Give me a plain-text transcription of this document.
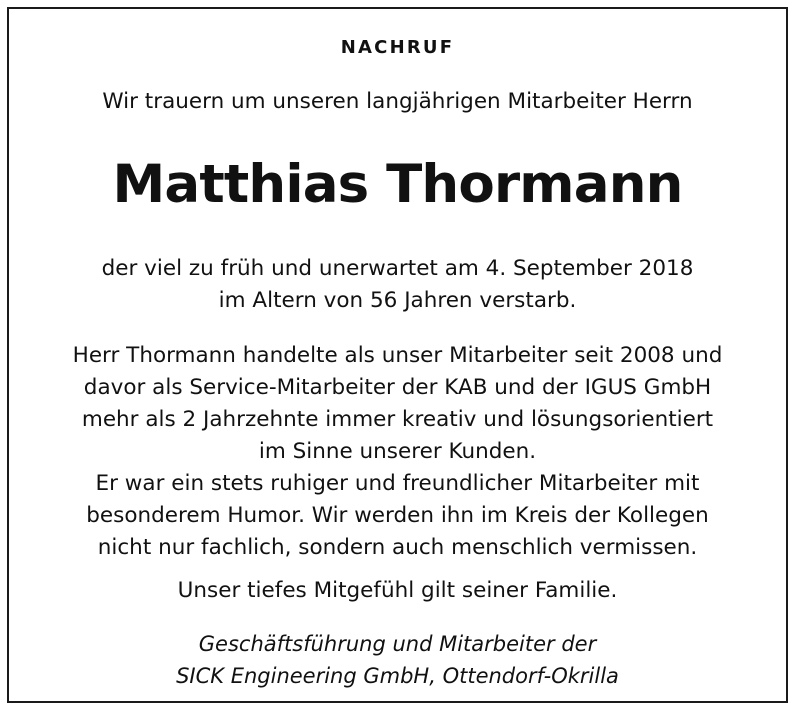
NACHRUF
Wir trauern um unseren langjährigen Mitarbeiter Herrn
Matthias Thormann
der viel zu früh und unerwartet am 4. September 2018
im Altern von 56 Jahren verstarb.
Herr Thormann handelte als unser Mitarbeiter seit 2008 und
davor als Service-Mitarbeiter der KAB und der IGUS GmbH
mehr als 2 Jahrzehnte immer kreativ und lösungsorientiert
im Sinne unserer Kunden.
Er war ein stets ruhiger und freundlicher Mitarbeiter mit
besonderem Humor. Wir werden ihn im Kreis der Kollegen
nicht nur fachlich, sondern auch menschlich vermissen.
Unser tiefes Mitgefühl gilt seiner Familie.
Geschäftsführung und Mitarbeiter der
SICK Engineering GmbH, Ottendorf-Okrilla
